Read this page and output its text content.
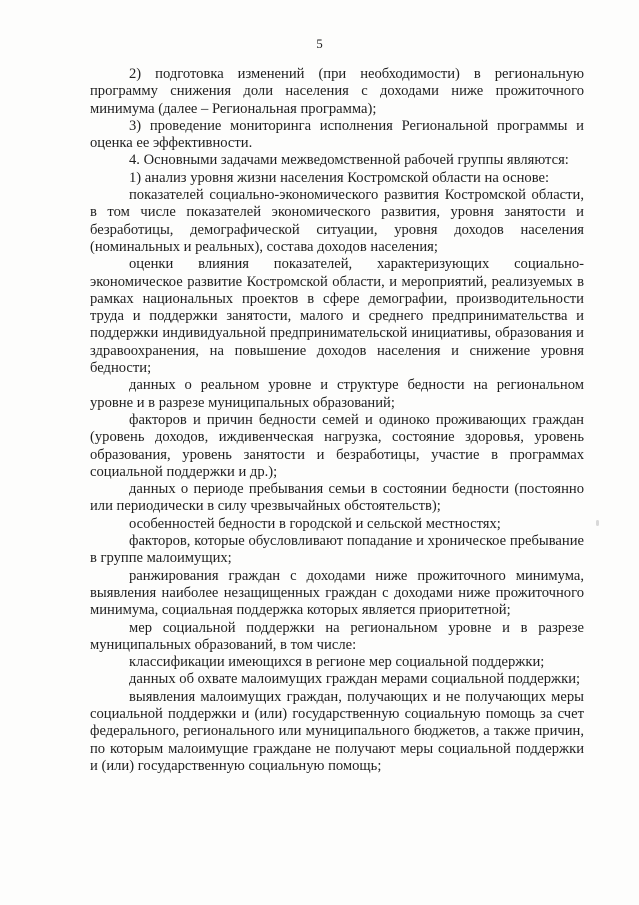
5

2) подготовка изменений (при необходимости) в региональную программу снижения доли населения с доходами ниже прожиточного минимума (далее – Региональная программа);

3) проведение мониторинга исполнения Региональной программы и оценка ее эффективности.

4. Основными задачами межведомственной рабочей группы являются:

1) анализ уровня жизни населения Костромской области на основе:

показателей социально-экономического развития Костромской области, в том числе показателей экономического развития, уровня занятости и безработицы, демографической ситуации, уровня доходов населения (номинальных и реальных), состава доходов населения;

оценки влияния показателей, характеризующих социально-экономическое развитие Костромской области, и мероприятий, реализуемых в рамках национальных проектов в сфере демографии, производительности труда и поддержки занятости, малого и среднего предпринимательства и поддержки индивидуальной предпринимательской инициативы, образования и здравоохранения, на повышение доходов населения и снижение уровня бедности;

данных о реальном уровне и структуре бедности на региональном уровне и в разрезе муниципальных образований;

факторов и причин бедности семей и одиноко проживающих граждан (уровень доходов, иждивенческая нагрузка, состояние здоровья, уровень образования, уровень занятости и безработицы, участие в программах социальной поддержки и др.);

данных о периоде пребывания семьи в состоянии бедности (постоянно или периодически в силу чрезвычайных обстоятельств);

особенностей бедности в городской и сельской местностях;

факторов, которые обусловливают попадание и хроническое пребывание в группе малоимущих;

ранжирования граждан с доходами ниже прожиточного минимума, выявления наиболее незащищенных граждан с доходами ниже прожиточного минимума, социальная поддержка которых является приоритетной;

мер социальной поддержки на региональном уровне и в разрезе муниципальных образований, в том числе:

классификации имеющихся в регионе мер социальной поддержки;

данных об охвате малоимущих граждан мерами социальной поддержки;

выявления малоимущих граждан, получающих и не получающих меры социальной поддержки и (или) государственную социальную помощь за счет федерального, регионального или муниципального бюджетов, а также причин, по которым малоимущие граждане не получают меры социальной поддержки и (или) государственную социальную помощь;
